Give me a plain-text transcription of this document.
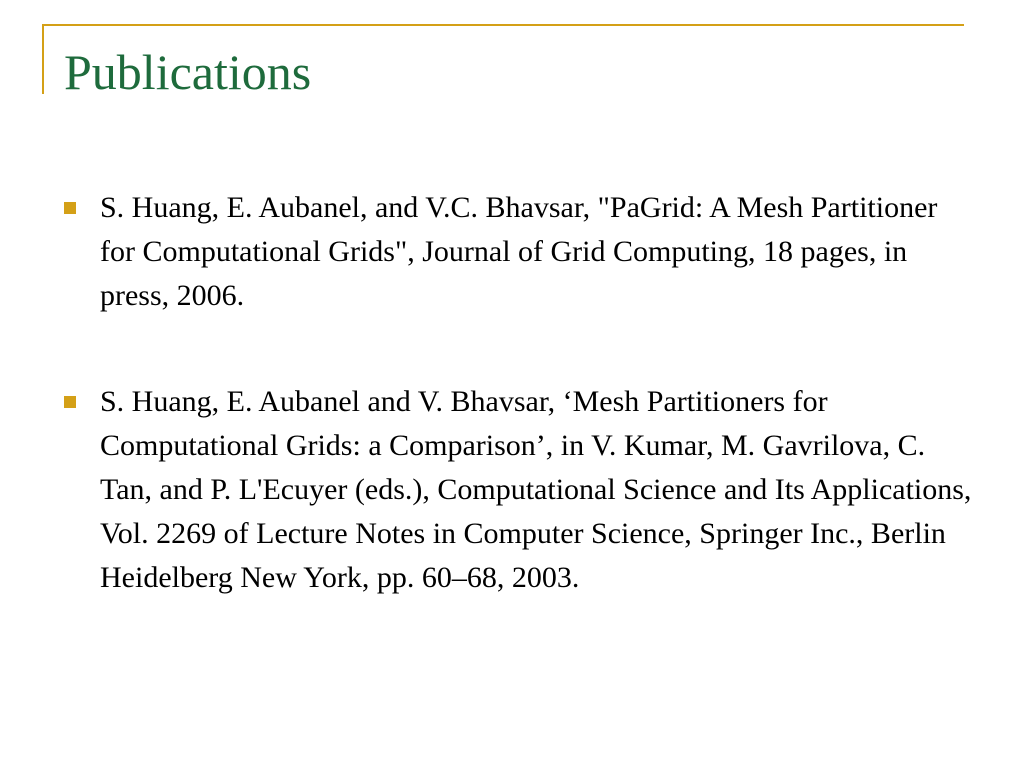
Publications
S. Huang, E. Aubanel, and V.C. Bhavsar, "PaGrid: A Mesh Partitioner for Computational Grids", Journal of Grid Computing, 18 pages, in press, 2006.
S. Huang, E. Aubanel and V. Bhavsar, ‘Mesh Partitioners for Computational Grids: a Comparison’, in V. Kumar, M. Gavrilova, C. Tan, and P. L'Ecuyer (eds.), Computational Science and Its Applications, Vol. 2269 of Lecture Notes in Computer Science, Springer Inc., Berlin Heidelberg New York, pp. 60–68, 2003.
